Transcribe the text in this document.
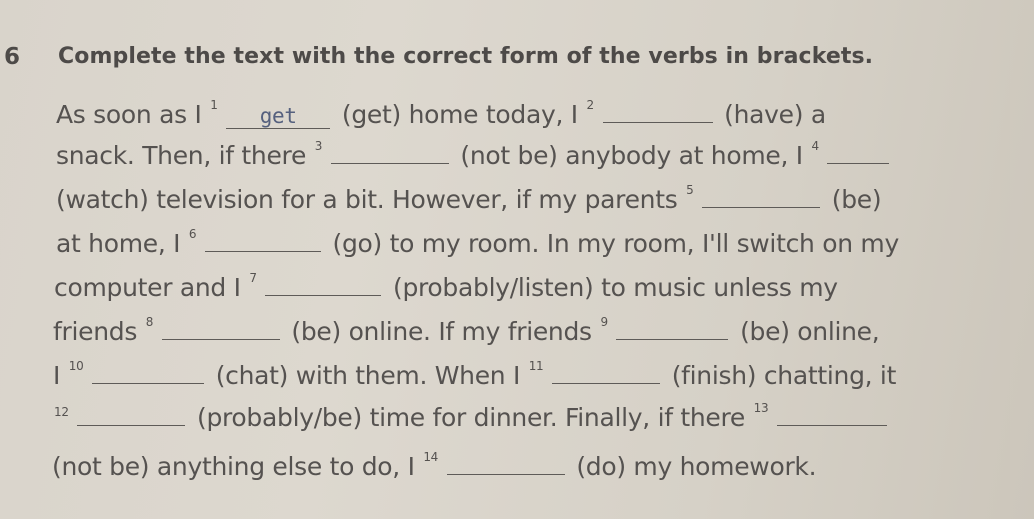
6 Complete the text with the correct form of the verbs in brackets.
As soon as I $^1$ get (get) home today, I $^2$	(have) a
snack. Then, if there $^3$	(not be) anybody at home, I $^4$
(watch) television for a bit. However, if my parents $^5$	(be)
at home, I $^6$	(go) to my room. In my room, I'll switch on my
computer and I $^7$	(probably/listen) to music unless my
friends $^8$	(be) online. If my friends $^9$	(be) online,
I $^{10}$	(chat) with them. When I $^{11}$	(finish) chatting, it
$^{12}$	(probably/be) time for dinner. Finally, if there $^{13}$
(not be) anything else to do, I $^{14}$	(do) my homework.
